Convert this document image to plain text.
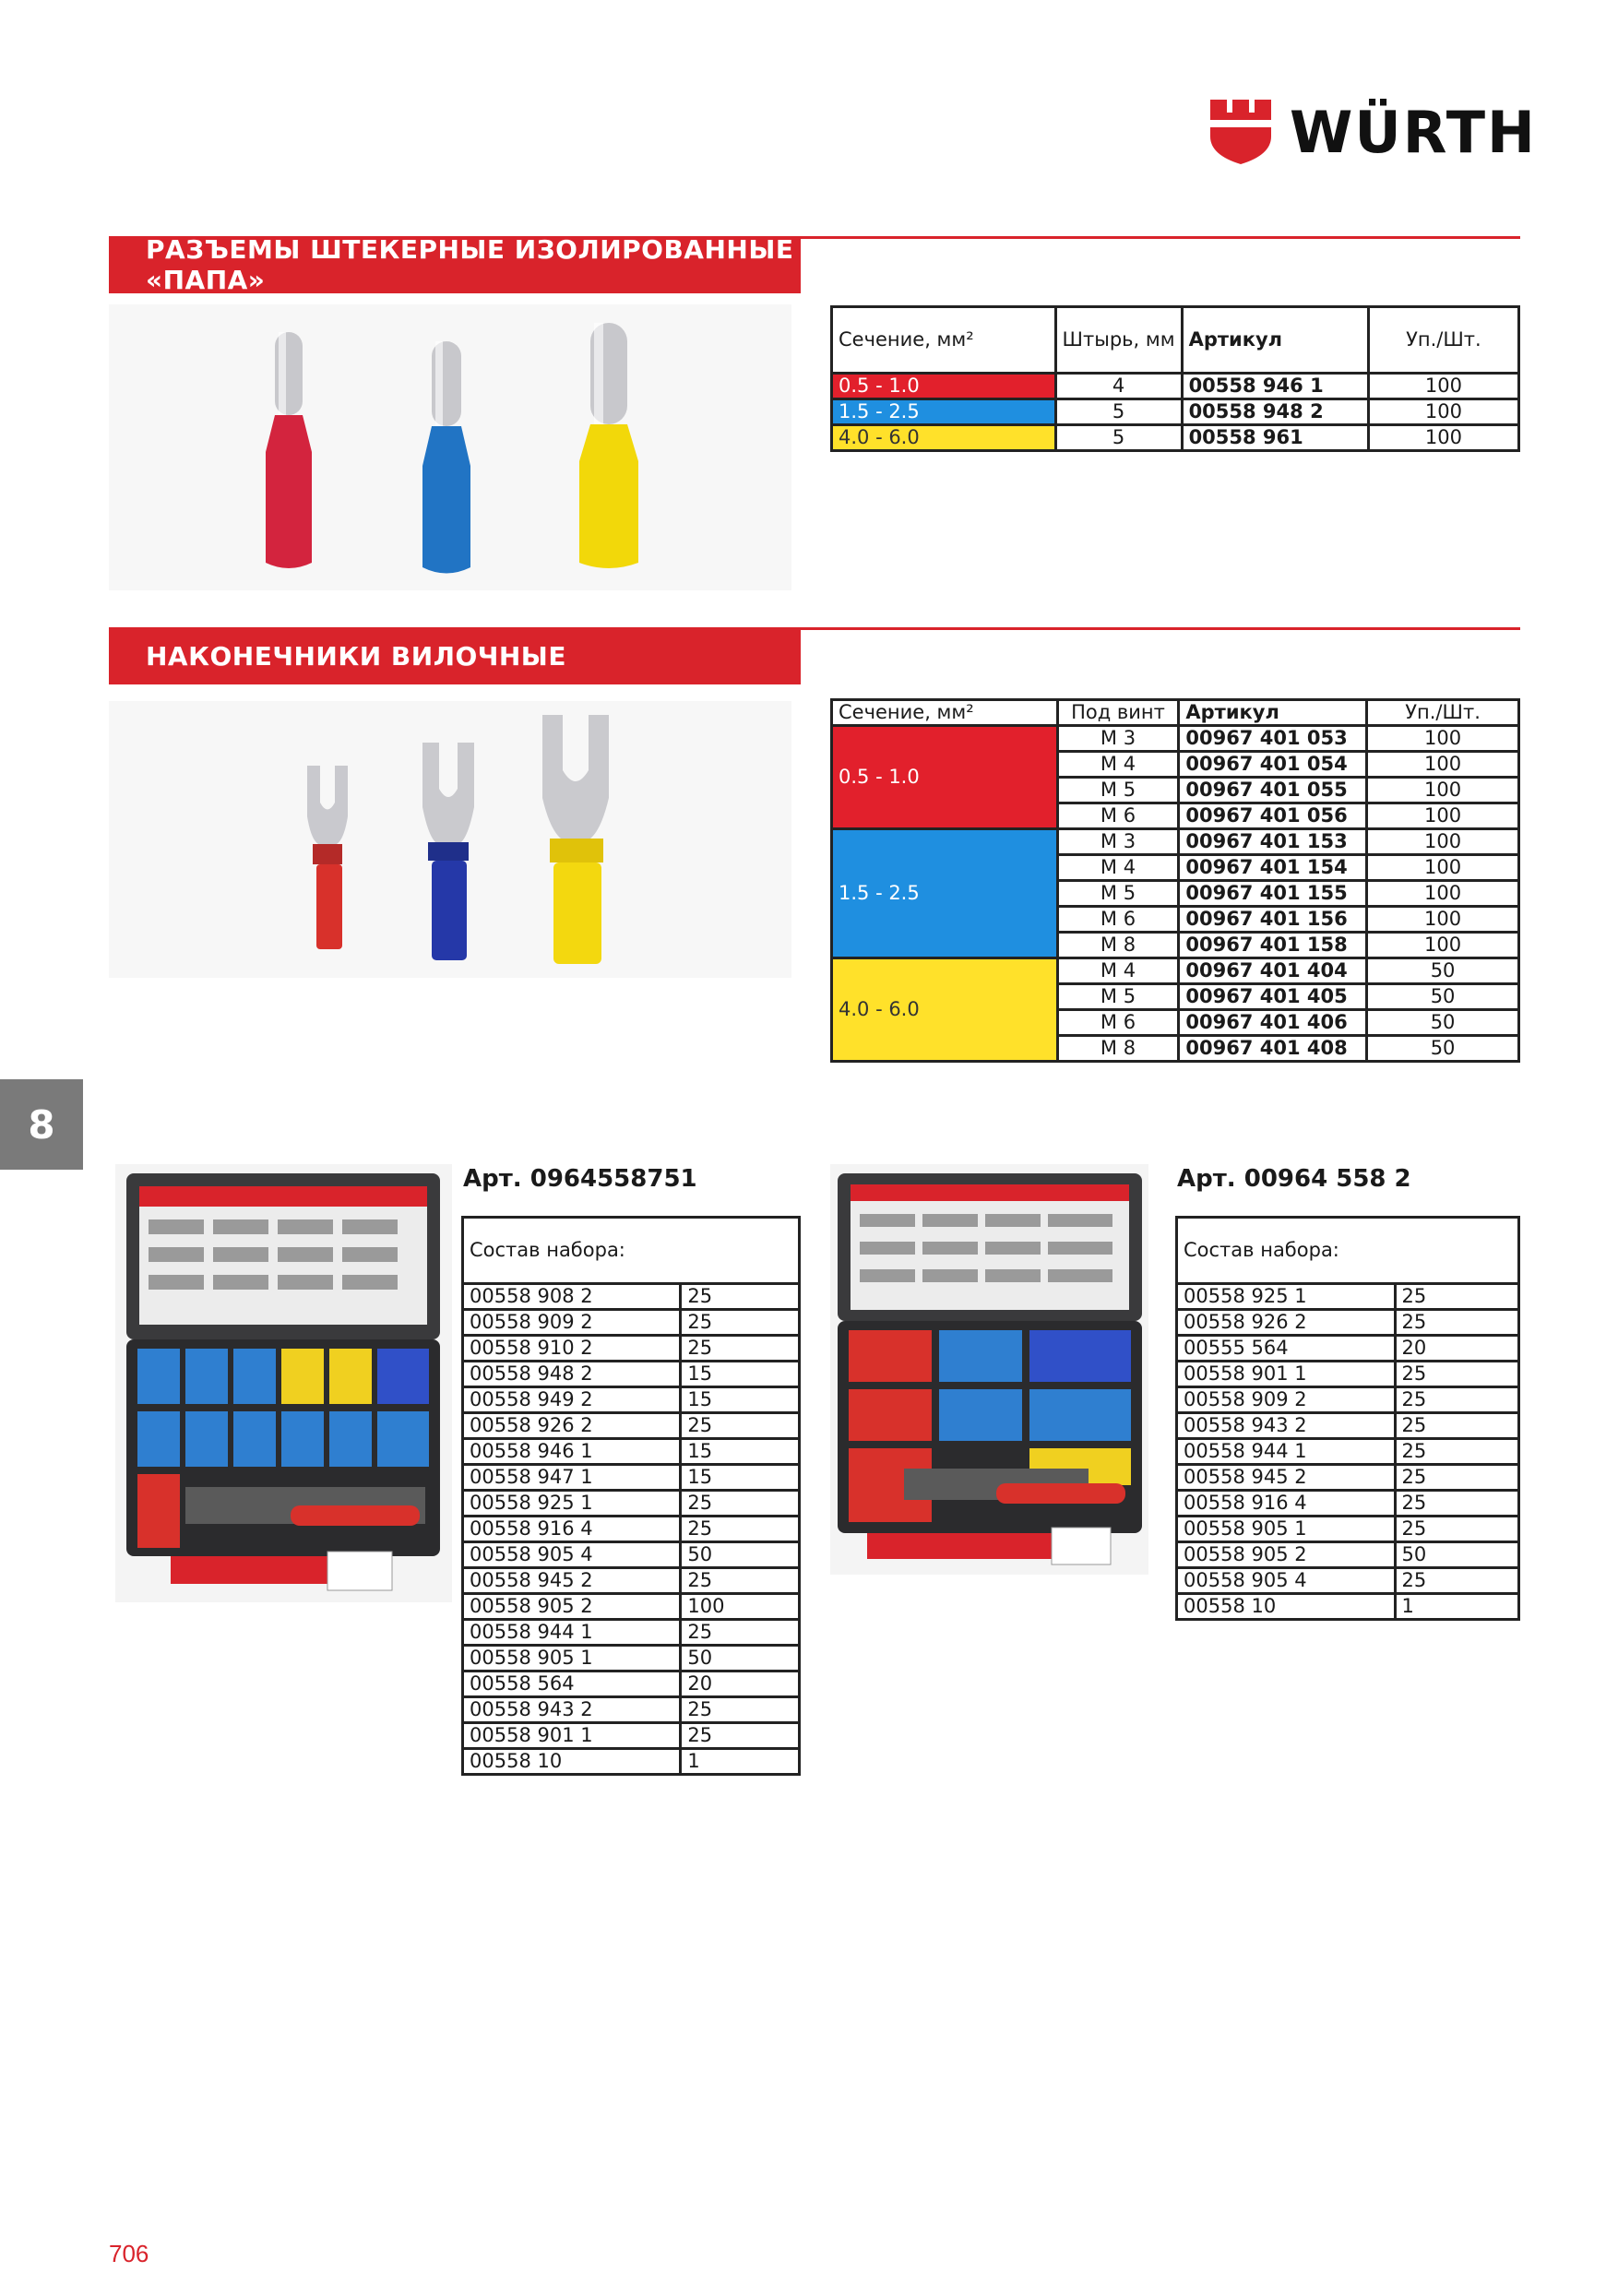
WÜRTH
РАЗЪЕМЫ ШТЕКЕРНЫЕ ИЗОЛИРОВАННЫЕ «ПАПА»
Сечение, мм²	Штырь, мм	Артикул	Уп./Шт.
0.5 - 1.0	4	00558 946 1	100
1.5 - 2.5	5	00558 948 2	100
4.0 - 6.0	5	00558 961	100
НАКОНЕЧНИКИ ВИЛОЧНЫЕ
Сечение, мм²	Под винт	Артикул	Уп./Шт.
0.5 - 1.0	M 3	00967 401 053	100
	M 4	00967 401 054	100
	M 5	00967 401 055	100
	M 6	00967 401 056	100
1.5 - 2.5	M 3	00967 401 153	100
	M 4	00967 401 154	100
	M 5	00967 401 155	100
	M 6	00967 401 156	100
	M 8	00967 401 158	100
4.0 - 6.0	M 4	00967 401 404	50
	M 5	00967 401 405	50
	M 6	00967 401 406	50
	M 8	00967 401 408	50
8
Арт. 0964558751
Состав набора:	
00558 908 2	25
00558 909 2	25
00558 910 2	25
00558 948 2	15
00558 949 2	15
00558 926 2	25
00558 946 1	15
00558 947 1	15
00558 925 1	25
00558 916 4	25
00558 905 4	50
00558 945 2	25
00558 905 2	100
00558 944 1	25
00558 905 1	50
00558 564	20
00558 943 2	25
00558 901 1	25
00558 10	1
Арт. 00964 558 2
Состав набора:	
00558 925 1	25
00558 926 2	25
00555 564	20
00558 901 1	25
00558 909 2	25
00558 943 2	25
00558 944 1	25
00558 945 2	25
00558 916 4	25
00558 905 1	25
00558 905 2	50
00558 905 4	25
00558 10	1
706
